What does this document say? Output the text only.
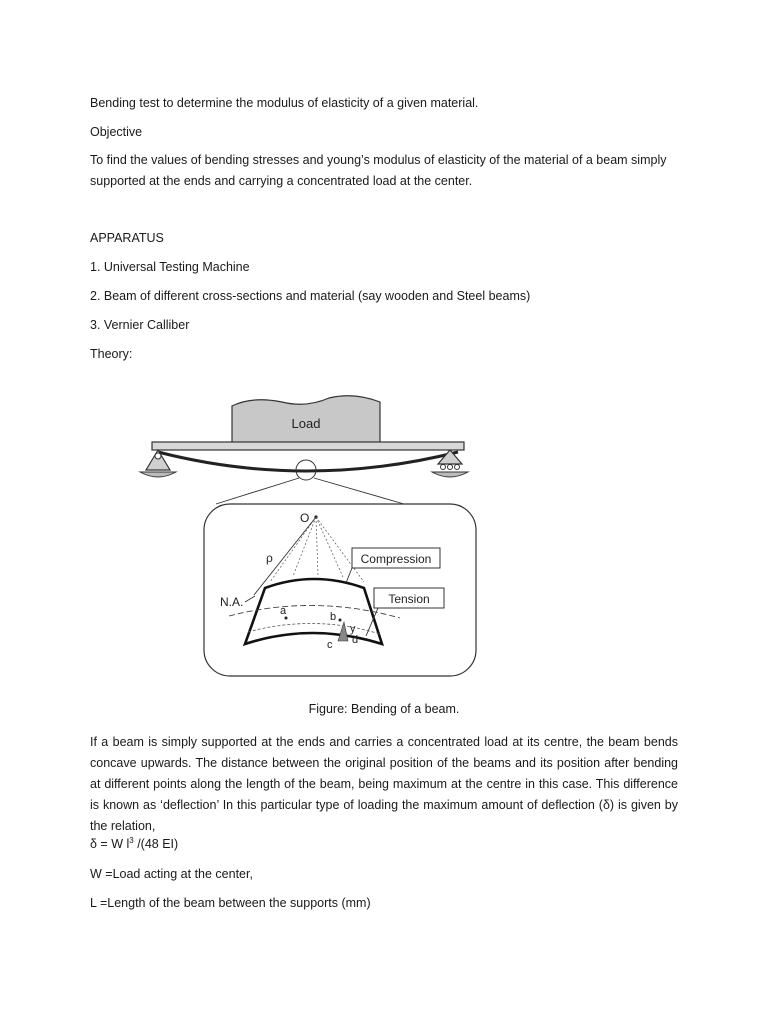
Bending test to determine the modulus of elasticity of a given material.

Objective

To find the values of bending stresses and young’s modulus of elasticity of the material of a beam simply supported at the ends and carrying a concentrated load at the center.

APPARATUS

1. Universal Testing Machine

2. Beam of different cross-sections and material (say wooden and Steel beams)

3. Vernier Calliber

Theory:

Load
O
ρ
N.A.
a	b
y
c d
Compression
Tension
Figure: Bending of a beam.

If a beam is simply supported at the ends and carries a concentrated load at its centre, the beam bends concave upwards. The distance between the original position of the beams and its position after bending at different points along the length of the beam, being maximum at the centre in this case. This difference is known as ‘deflection’ In this particular type of loading the maximum amount of deflection (δ) is given by the relation,

δ = W $l^3$ /(48 EI)

W =Load acting at the center,

L =Length of the beam between the supports (mm)
